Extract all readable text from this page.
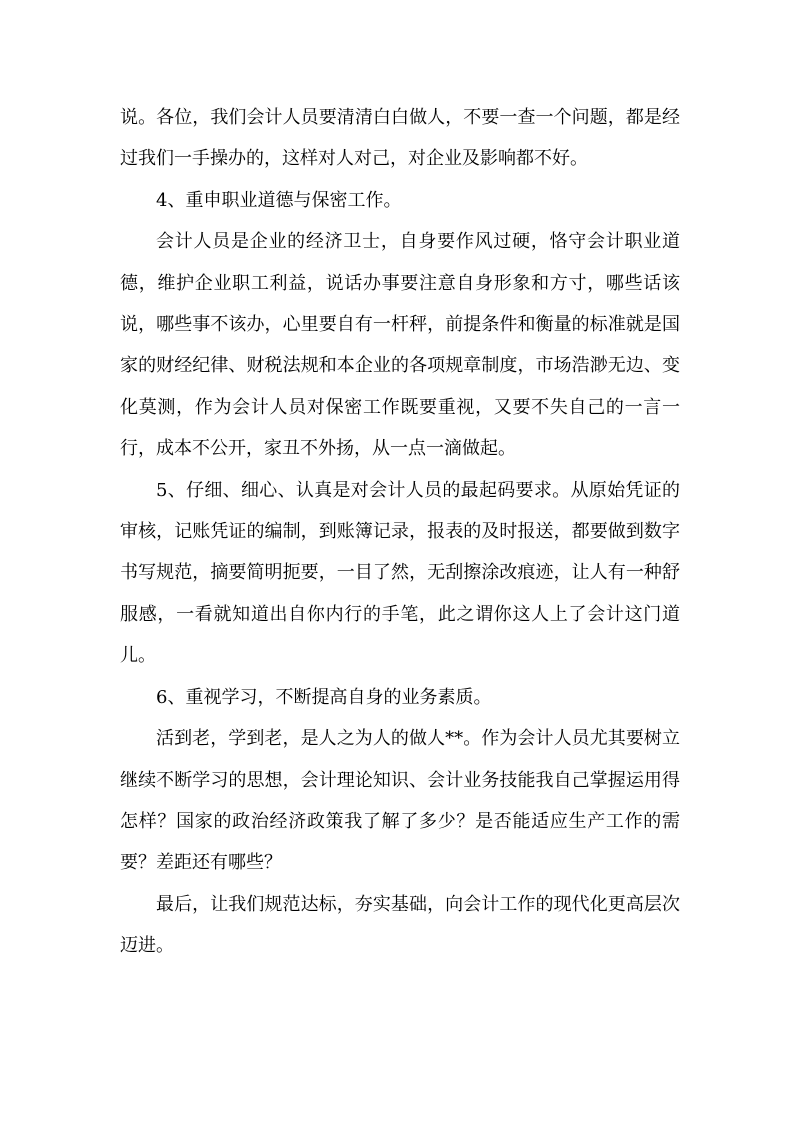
说。各位，我们会计人员要清清白白做人，不要一查一个问题，都是经过我们一手操办的，这样对人对己，对企业及影响都不好。

4、重申职业道德与保密工作。

会计人员是企业的经济卫士，自身要作风过硬，恪守会计职业道德，维护企业职工利益，说话办事要注意自身形象和方寸，哪些话该说，哪些事不该办，心里要自有一杆秤，前提条件和衡量的标准就是国家的财经纪律、财税法规和本企业的各项规章制度，市场浩渺无边、变化莫测，作为会计人员对保密工作既要重视，又要不失自己的一言一行，成本不公开，家丑不外扬，从一点一滴做起。

5、仔细、细心、认真是对会计人员的最起码要求。从原始凭证的审核，记账凭证的编制，到账簿记录，报表的及时报送，都要做到数字书写规范，摘要简明扼要，一目了然，无刮擦涂改痕迹，让人有一种舒服感，一看就知道出自你内行的手笔，此之谓你这人上了会计这门道儿。

6、重视学习，不断提高自身的业务素质。

活到老，学到老，是人之为人的做人**。作为会计人员尤其要树立继续不断学习的思想，会计理论知识、会计业务技能我自己掌握运用得怎样？国家的政治经济政策我了解了多少？是否能适应生产工作的需要？差距还有哪些？

最后，让我们规范达标，夯实基础，向会计工作的现代化更高层次迈进。
